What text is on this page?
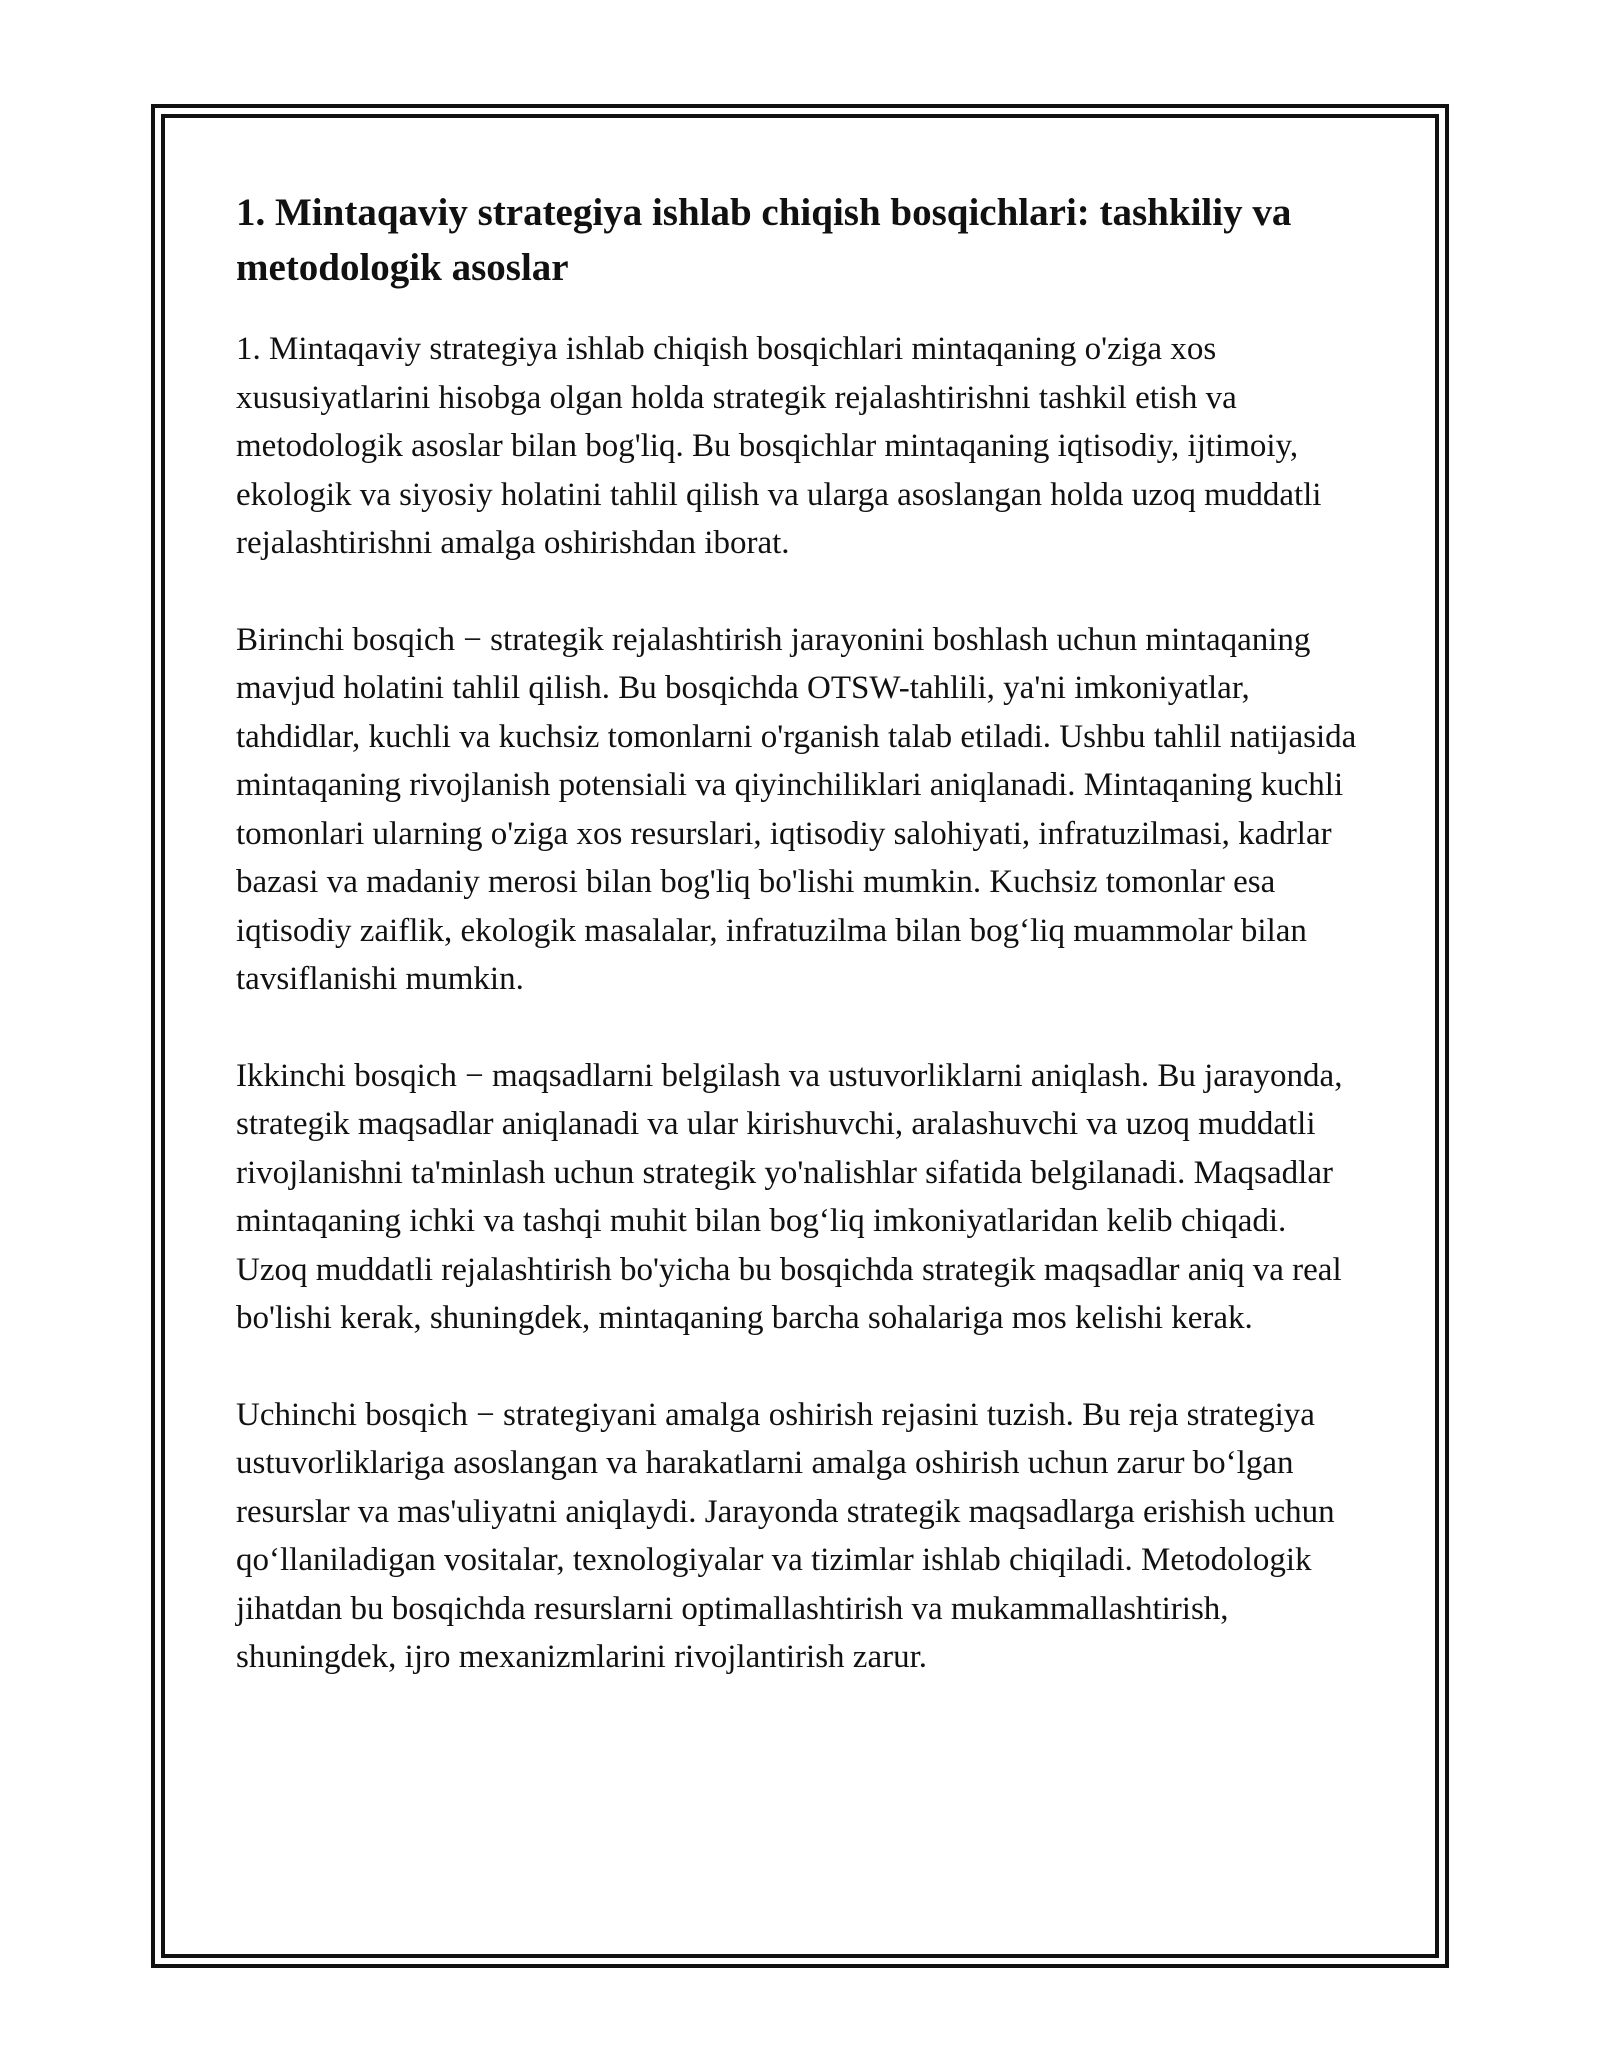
1. Mintaqaviy strategiya ishlab chiqish bosqichlari: tashkiliy va metodologik asoslar

1. Mintaqaviy strategiya ishlab chiqish bosqichlari mintaqaning o'ziga xos xususiyatlarini hisobga olgan holda strategik rejalashtirishni tashkil etish va metodologik asoslar bilan bog'liq. Bu bosqichlar mintaqaning iqtisodiy, ijtimoiy, ekologik va siyosiy holatini tahlil qilish va ularga asoslangan holda uzoq muddatli rejalashtirishni amalga oshirishdan iborat.

Birinchi bosqich − strategik rejalashtirish jarayonini boshlash uchun mintaqaning mavjud holatini tahlil qilish. Bu bosqichda OTSW-tahlili, ya'ni imkoniyatlar, tahdidlar, kuchli va kuchsiz tomonlarni o'rganish talab etiladi. Ushbu tahlil natijasida mintaqaning rivojlanish potensiali va qiyinchiliklari aniqlanadi. Mintaqaning kuchli tomonlari ularning o'ziga xos resurslari, iqtisodiy salohiyati, infratuzilmasi, kadrlar bazasi va madaniy merosi bilan bog'liq bo'lishi mumkin. Kuchsiz tomonlar esa iqtisodiy zaiflik, ekologik masalalar, infratuzilma bilan bog‘liq muammolar bilan tavsiflanishi mumkin.

Ikkinchi bosqich − maqsadlarni belgilash va ustuvorliklarni aniqlash. Bu jarayonda, strategik maqsadlar aniqlanadi va ular kirishuvchi, aralashuvchi va uzoq muddatli rivojlanishni ta'minlash uchun strategik yo'nalishlar sifatida belgilanadi. Maqsadlar mintaqaning ichki va tashqi muhit bilan bog‘liq imkoniyatlaridan kelib chiqadi. Uzoq muddatli rejalashtirish bo'yicha bu bosqichda strategik maqsadlar aniq va real bo'lishi kerak, shuningdek, mintaqaning barcha sohalariga mos kelishi kerak.

Uchinchi bosqich − strategiyani amalga oshirish rejasini tuzish. Bu reja strategiya ustuvorliklariga asoslangan va harakatlarni amalga oshirish uchun zarur bo‘lgan resurslar va mas'uliyatni aniqlaydi. Jarayonda strategik maqsadlarga erishish uchun qo‘llaniladigan vositalar, texnologiyalar va tizimlar ishlab chiqiladi. Metodologik jihatdan bu bosqichda resurslarni optimallashtirish va mukammallashtirish, shuningdek, ijro mexanizmlarini rivojlantirish zarur.
